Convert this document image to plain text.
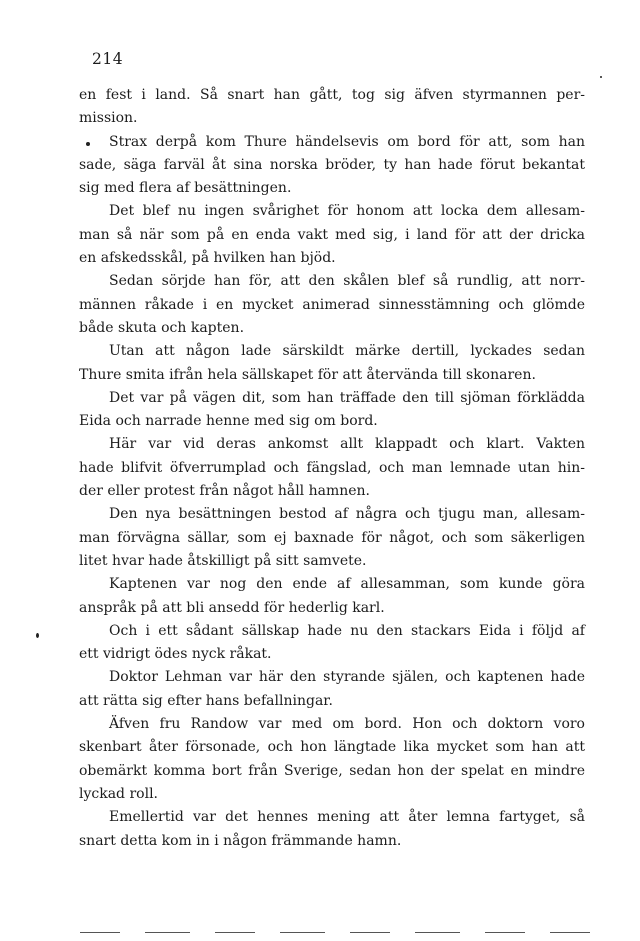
214
en fest i land. Så snart han gått, tog sig äfven styrmannen per-
mission.
Strax derpå kom Thure händelsevis om bord för att, som han
sade, säga farväl åt sina norska bröder, ty han hade förut bekantat
sig med flera af besättningen.
Det blef nu ingen svårighet för honom att locka dem allesam-
man så när som på en enda vakt med sig, i land för att der dricka
en afskedsskål, på hvilken han bjöd.
Sedan sörjde han för, att den skålen blef så rundlig, att norr-
männen råkade i en mycket animerad sinnesstämning och glömde
både skuta och kapten.
Utan att någon lade särskildt märke dertill, lyckades sedan
Thure smita ifrån hela sällskapet för att återvända till skonaren.
Det var på vägen dit, som han träffade den till sjöman förklädda
Eida och narrade henne med sig om bord.
Här var vid deras ankomst allt klappadt och klart. Vakten
hade blifvit öfverrumplad och fängslad, och man lemnade utan hin-
der eller protest från något håll hamnen.
Den nya besättningen bestod af några och tjugu man, allesam-
man förvägna sällar, som ej baxnade för något, och som säkerligen
litet hvar hade åtskilligt på sitt samvete.
Kaptenen var nog den ende af allesamman, som kunde göra
anspråk på att bli ansedd för hederlig karl.
Och i ett sådant sällskap hade nu den stackars Eida i följd af
ett vidrigt ödes nyck råkat.
Doktor Lehman var här den styrande själen, och kaptenen hade
att rätta sig efter hans befallningar.
Äfven fru Randow var med om bord. Hon och doktorn voro
skenbart åter försonade, och hon längtade lika mycket som han att
obemärkt komma bort från Sverige, sedan hon der spelat en mindre
lyckad roll.
Emellertid var det hennes mening att åter lemna fartyget, så
snart detta kom in i någon främmande hamn.
